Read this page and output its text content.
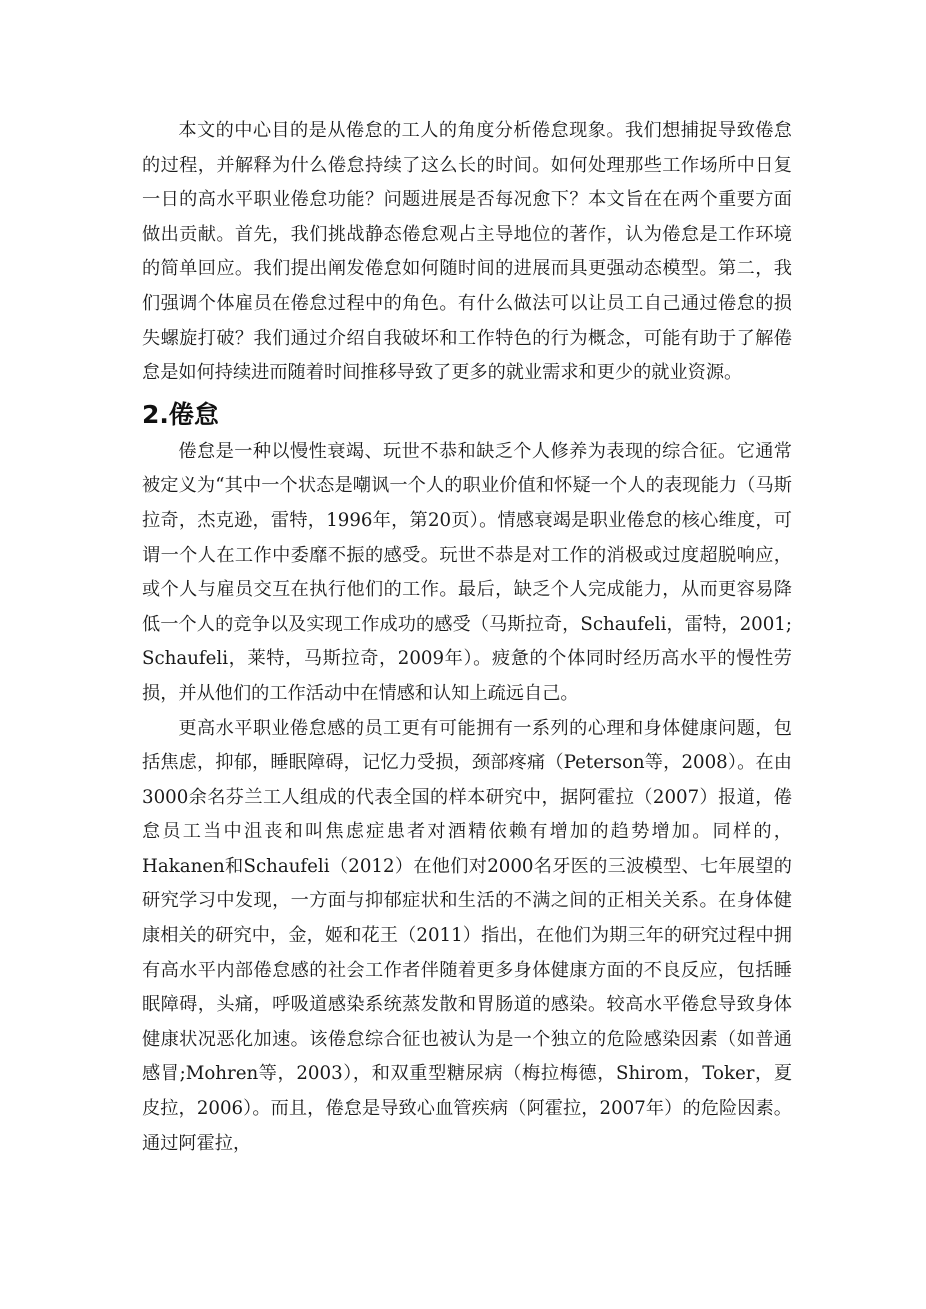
本文的中心目的是从倦怠的工人的角度分析倦怠现象。我们想捕捉导致倦怠的过程，并解释为什么倦怠持续了这么长的时间。如何处理那些工作场所中日复一日的高水平职业倦怠功能？问题进展是否每况愈下？本文旨在在两个重要方面做出贡献。首先，我们挑战静态倦怠观占主导地位的著作，认为倦怠是工作环境的简单回应。我们提出阐发倦怠如何随时间的进展而具更强动态模型。第二，我们强调个体雇员在倦怠过程中的角色。有什么做法可以让员工自己通过倦怠的损失螺旋打破？我们通过介绍自我破坏和工作特色的行为概念，可能有助于了解倦怠是如何持续进而随着时间推移导致了更多的就业需求和更少的就业资源。

2.倦怠

倦怠是一种以慢性衰竭、玩世不恭和缺乏个人修养为表现的综合征。它通常被定义为“其中一个状态是嘲讽一个人的职业价值和怀疑一个人的表现能力（马斯拉奇，杰克逊，雷特，1996年，第20页）。情感衰竭是职业倦怠的核心维度，可谓一个人在工作中委靡不振的感受。玩世不恭是对工作的消极或过度超脱响应，或个人与雇员交互在执行他们的工作。最后，缺乏个人完成能力，从而更容易降低一个人的竞争以及实现工作成功的感受（马斯拉奇，Schaufeli，雷特，2001; Schaufeli，莱特，马斯拉奇，2009年）。疲惫的个体同时经历高水平的慢性劳损，并从他们的工作活动中在情感和认知上疏远自己。

更高水平职业倦怠感的员工更有可能拥有一系列的心理和身体健康问题，包括焦虑，抑郁，睡眠障碍，记忆力受损，颈部疼痛（Peterson等，2008）。在由3000余名芬兰工人组成的代表全国的样本研究中，据阿霍拉（2007）报道，倦怠员工当中沮丧和叫焦虑症患者对酒精依赖有增加的趋势增加。同样的，Hakanen和Schaufeli（2012）在他们对2000名牙医的三波模型、七年展望的研究学习中发现，一方面与抑郁症状和生活的不满之间的正相关关系。在身体健康相关的研究中，金，姬和花王（2011）指出，在他们为期三年的研究过程中拥有高水平内部倦怠感的社会工作者伴随着更多身体健康方面的不良反应，包括睡眠障碍，头痛，呼吸道感染系统蒸发散和胃肠道的感染。较高水平倦怠导致身体健康状况恶化加速。该倦怠综合征也被认为是一个独立的危险感染因素（如普通感冒;Mohren等，2003），和双重型糖尿病（梅拉梅德，Shirom，Toker，夏皮拉，2006）。而且，倦怠是导致心血管疾病（阿霍拉，2007年）的危险因素。通过阿霍拉，
